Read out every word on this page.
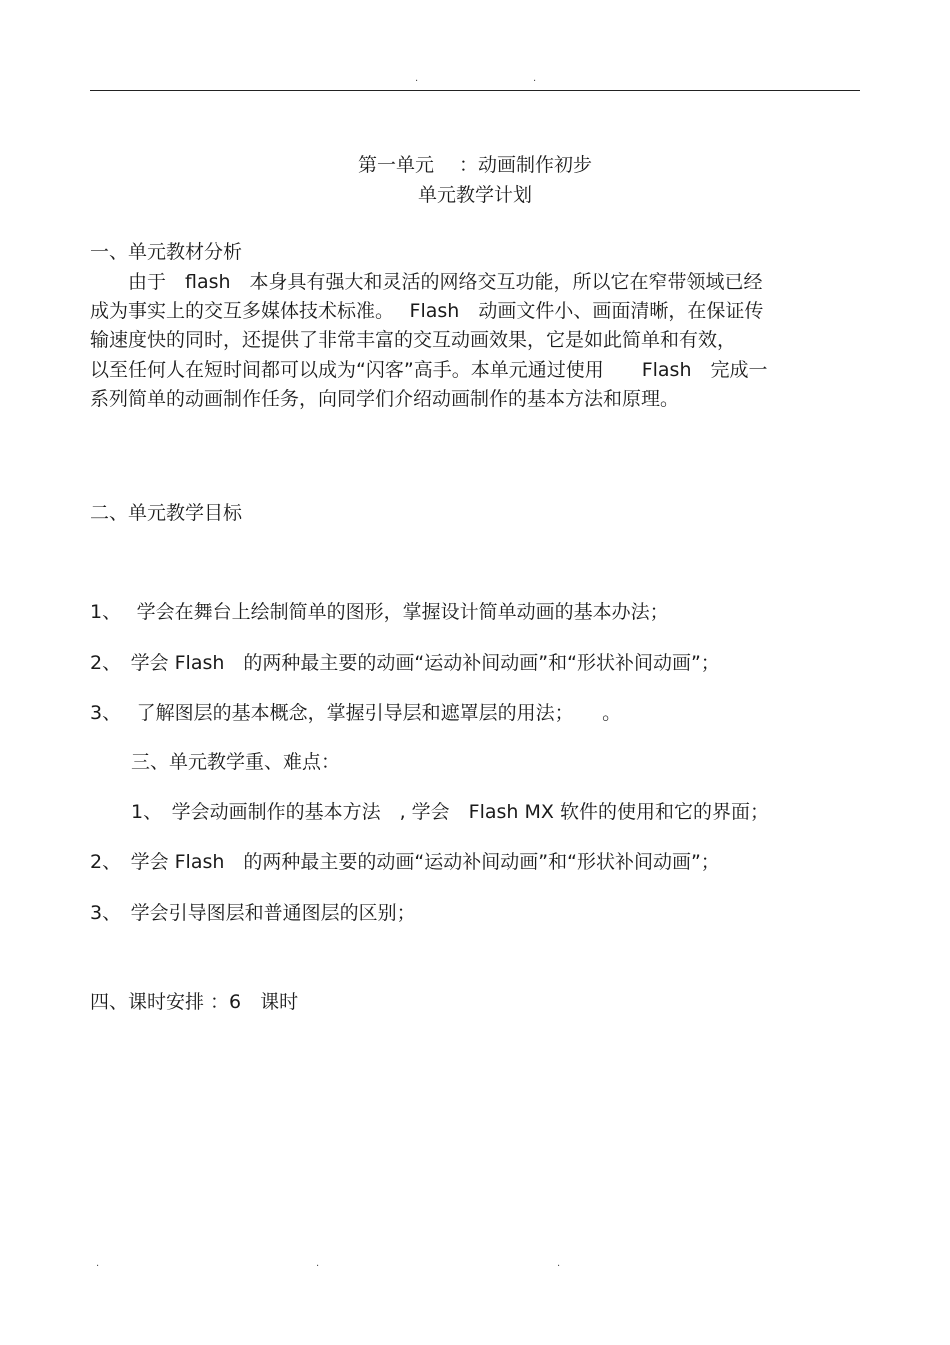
.	.
第一单元　 ：动画制作初步
单元教学计划
一、单元教材分析
　　由于　flash　本身具有强大和灵活的网络交互功能，所以它在窄带领域已经
成为事实上的交互多媒体技术标准。　 Flash　动画文件小、画面清晰，在保证传
输速度快的同时，还提供了非常丰富的交互动画效果，它是如此简单和有效，
以至任何人在短时间都可以成为“闪客”高手。本单元通过使用　　Flash　完成一
系列简单的动画制作任务，向同学们介绍动画制作的基本方法和原理。
二、单元教学目标
1、　 学会在舞台上绘制简单的图形，掌握设计简单动画的基本办法；
2、　学会 Flash　的两种最主要的动画“运动补间动画”和“形状补间动画”；
3、　 了解图层的基本概念，掌握引导层和遮罩层的用法；　　。
三、单元教学重、难点：
1、　学会动画制作的基本方法　, 学会　Flash MX 软件的使用和它的界面；
2、　学会 Flash　的两种最主要的动画“运动补间动画”和“形状补间动画”；
3、　学会引导图层和普通图层的区别；
四、课时安排 ：6　课时
.	.	.
